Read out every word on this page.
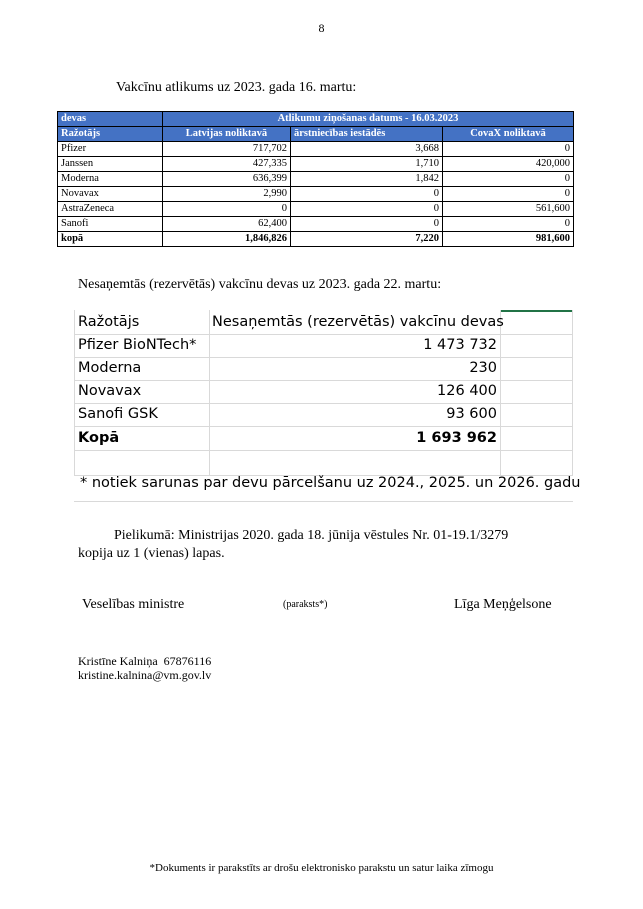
8
Vakcīnu atlikums uz 2023. gada 16. martu:
devas	Atlikumu ziņošanas datums - 16.03.2023		
Ražotājs	Latvijas noliktavā	ārstniecības iestādēs	CovaX noliktavā
Pfizer	717,702	3,668	0
Janssen	427,335	1,710	420,000
Moderna	636,399	1,842	0
Novavax	2,990	0	0
AstraZeneca	0	0	561,600
Sanofi	62,400	0	0
kopā	1,846,826	7,220	981,600
Nesaņemtās (rezervētās) vakcīnu devas uz 2023. gada 22. martu:
Ražotājs	Nesaņemtās (rezervētās) vakcīnu devas
Pfizer BioNTech*	1 473 732
Moderna	230
Novavax	126 400
Sanofi GSK	93 600
Kopā	1 693 962
* notiek sarunas par devu pārcelšanu uz 2024., 2025. un 2026. gadu
Pielikumā: Ministrijas 2020. gada 18. jūnija vēstules Nr. 01-19.1/3279
kopija uz 1 (vienas) lapas.
Veselības ministre	(paraksts*)	Līga Meņģelsone
Kristīne Kalniņa  67876116
kristine.kalnina@vm.gov.lv
*Dokuments ir parakstīts ar drošu elektronisko parakstu un satur laika zīmogu
